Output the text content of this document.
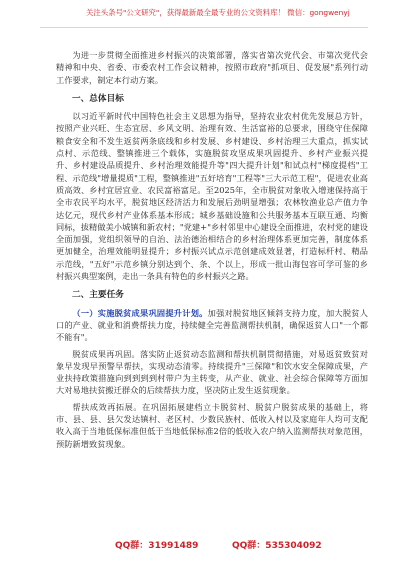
关注头条号"公文研究"，获得最新最全最专业的公文资料库！ 微信：gongwenyj

为进一步贯彻全面推进乡村振兴的决策部署，落实省第次党代会、市第次党代会精神和中央、省委、市委农村工作会议精神，按照市政府"抓项目、促发展"系列行动工作要求，制定本行动方案。

一、总体目标

以习近平新时代中国特色社会主义思想为指导，坚持农业农村优先发展总方针，按照产业兴旺、生态宜居、乡风文明、治理有效、生活富裕的总要求，围绕守住保障粮食安全和不发生返贫两条底线和乡村发展、乡村建设、乡村治理三大重点，抓实试点村、示范线、整镇推进三个载体，实施脱贫攻坚成果巩固提升、乡村产业振兴提升、乡村建设品质提升、乡村治理效能提升等"四大提升计划"和试点村"梯度提档"工程、示范线"增量提质"工程，整镇推进"五好培育"工程等"三大示范工程"，促进农业高质高效、乡村宜居宜业、农民富裕富足。至2025年，全市脱贫对象收入增速保持高于全市农民平均水平，脱贫地区经济活力和发展后劲明显增强；农林牧渔业总产值力争达亿元，现代乡村产业体系基本形成；城乡基础设施和公共服务基本互联互通、均衡同标，拔精做美小城镇和新农村；"党建+"乡村邻里中心建设全面推进，农村党的建设全面加强，党组织领导的自治、法治德治相结合的乡村治理体系更加完善，制度体系更加健全，治理效能明显提升；乡村振兴试点示范创建成效显著，打造标杆村、精品示范线，"五好"示范乡镇分别达到个、条、个以上，形成一批山海包容可学可鉴的乡村振兴典型案例，走出一条具有特色的乡村振兴之路。

二、主要任务

（一）实施脱贫成果巩固提升计划。加强对脱贫地区倾斜支持力度，加大脱贫人口的产业、就业和消费帮扶力度，持续健全完善监测帮扶机制，确保返贫人口"一个都不能有"。

脱贫成果再巩固。落实防止返贫动态监测和帮扶机制贯彻措施，对易返贫致贫对象早发现早预警早帮扶，实现动态清零。持续提升"三保障"和饮水安全保障成果，产业扶持政策措施向到到到到村带户为主转变，从产业、就业、社会综合保障等方面加大对易地扶贫搬迁群众的后续帮扶力度，坚决防止发生返贫现象。

帮扶成效再拓展。在巩固拓展建档立卡脱贫村、脱贫户脱贫成果的基础上，将市、县、县、县欠发达镇村、老区村、少数民族村、低收入村以及家庭年人均可支配收入高于当地低保标准但低于当地低保标准2倍的低收入农户纳入监测帮扶对象范围，预防新增致贫现象。

QQ群：31991489	QQ群：535304092
